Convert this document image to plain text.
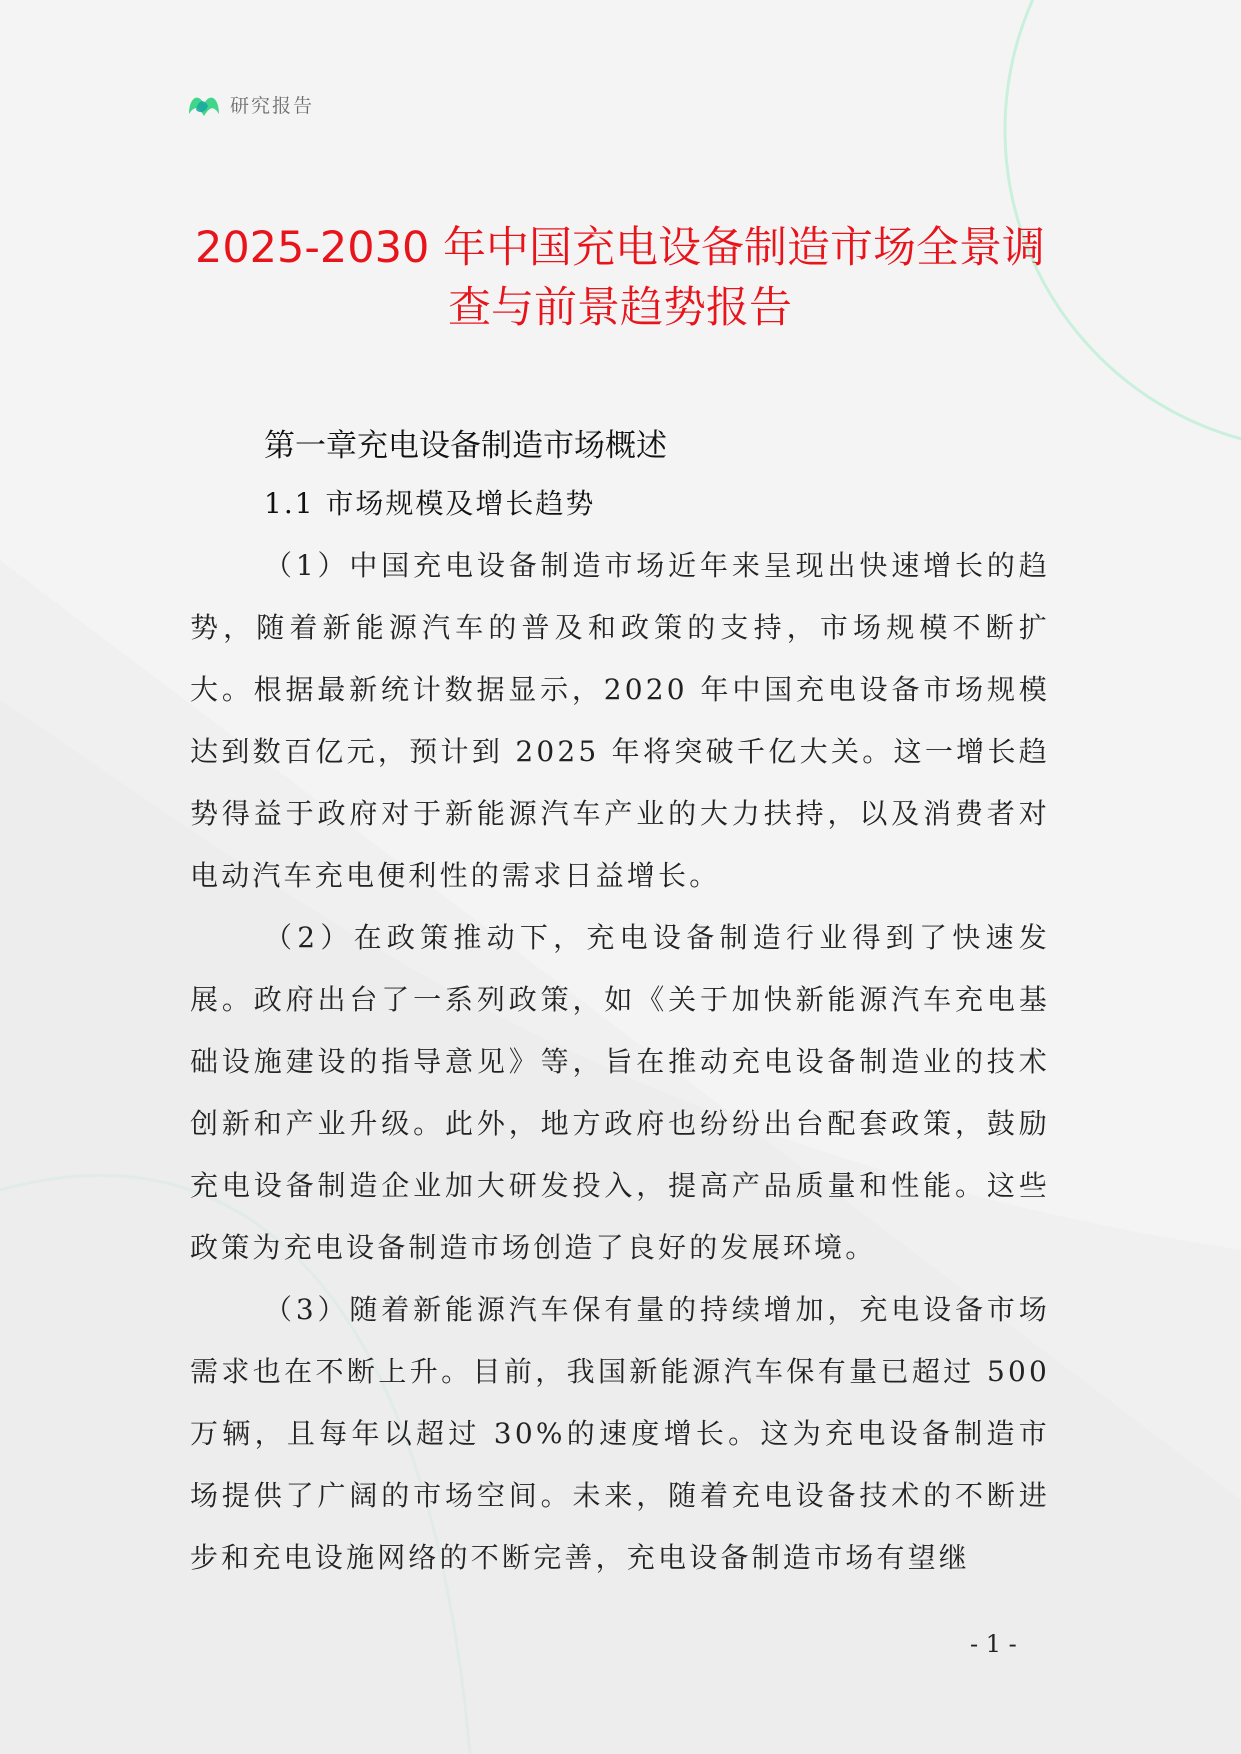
研究报告
2025-2030 年中国充电设备制造市场全景调查与前景趋势报告
第一章充电设备制造市场概述
1.1 市场规模及增长趋势

（1）中国充电设备制造市场近年来呈现出快速增长的趋势，随着新能源汽车的普及和政策的支持，市场规模不断扩大。根据最新统计数据显示，2020 年中国充电设备市场规模达到数百亿元，预计到 2025 年将突破千亿大关。这一增长趋势得益于政府对于新能源汽车产业的大力扶持，以及消费者对电动汽车充电便利性的需求日益增长。

（2）在政策推动下，充电设备制造行业得到了快速发展。政府出台了一系列政策，如《关于加快新能源汽车充电基础设施建设的指导意见》等，旨在推动充电设备制造业的技术创新和产业升级。此外，地方政府也纷纷出台配套政策，鼓励充电设备制造企业加大研发投入，提高产品质量和性能。这些政策为充电设备制造市场创造了良好的发展环境。

（3）随着新能源汽车保有量的持续增加，充电设备市场需求也在不断上升。目前，我国新能源汽车保有量已超过 500 万辆，且每年以超过 30%的速度增长。这为充电设备制造市场提供了广阔的市场空间。未来，随着充电设备技术的不断进步和充电设施网络的不断完善，充电设备制造市场有望继

- 1 -
